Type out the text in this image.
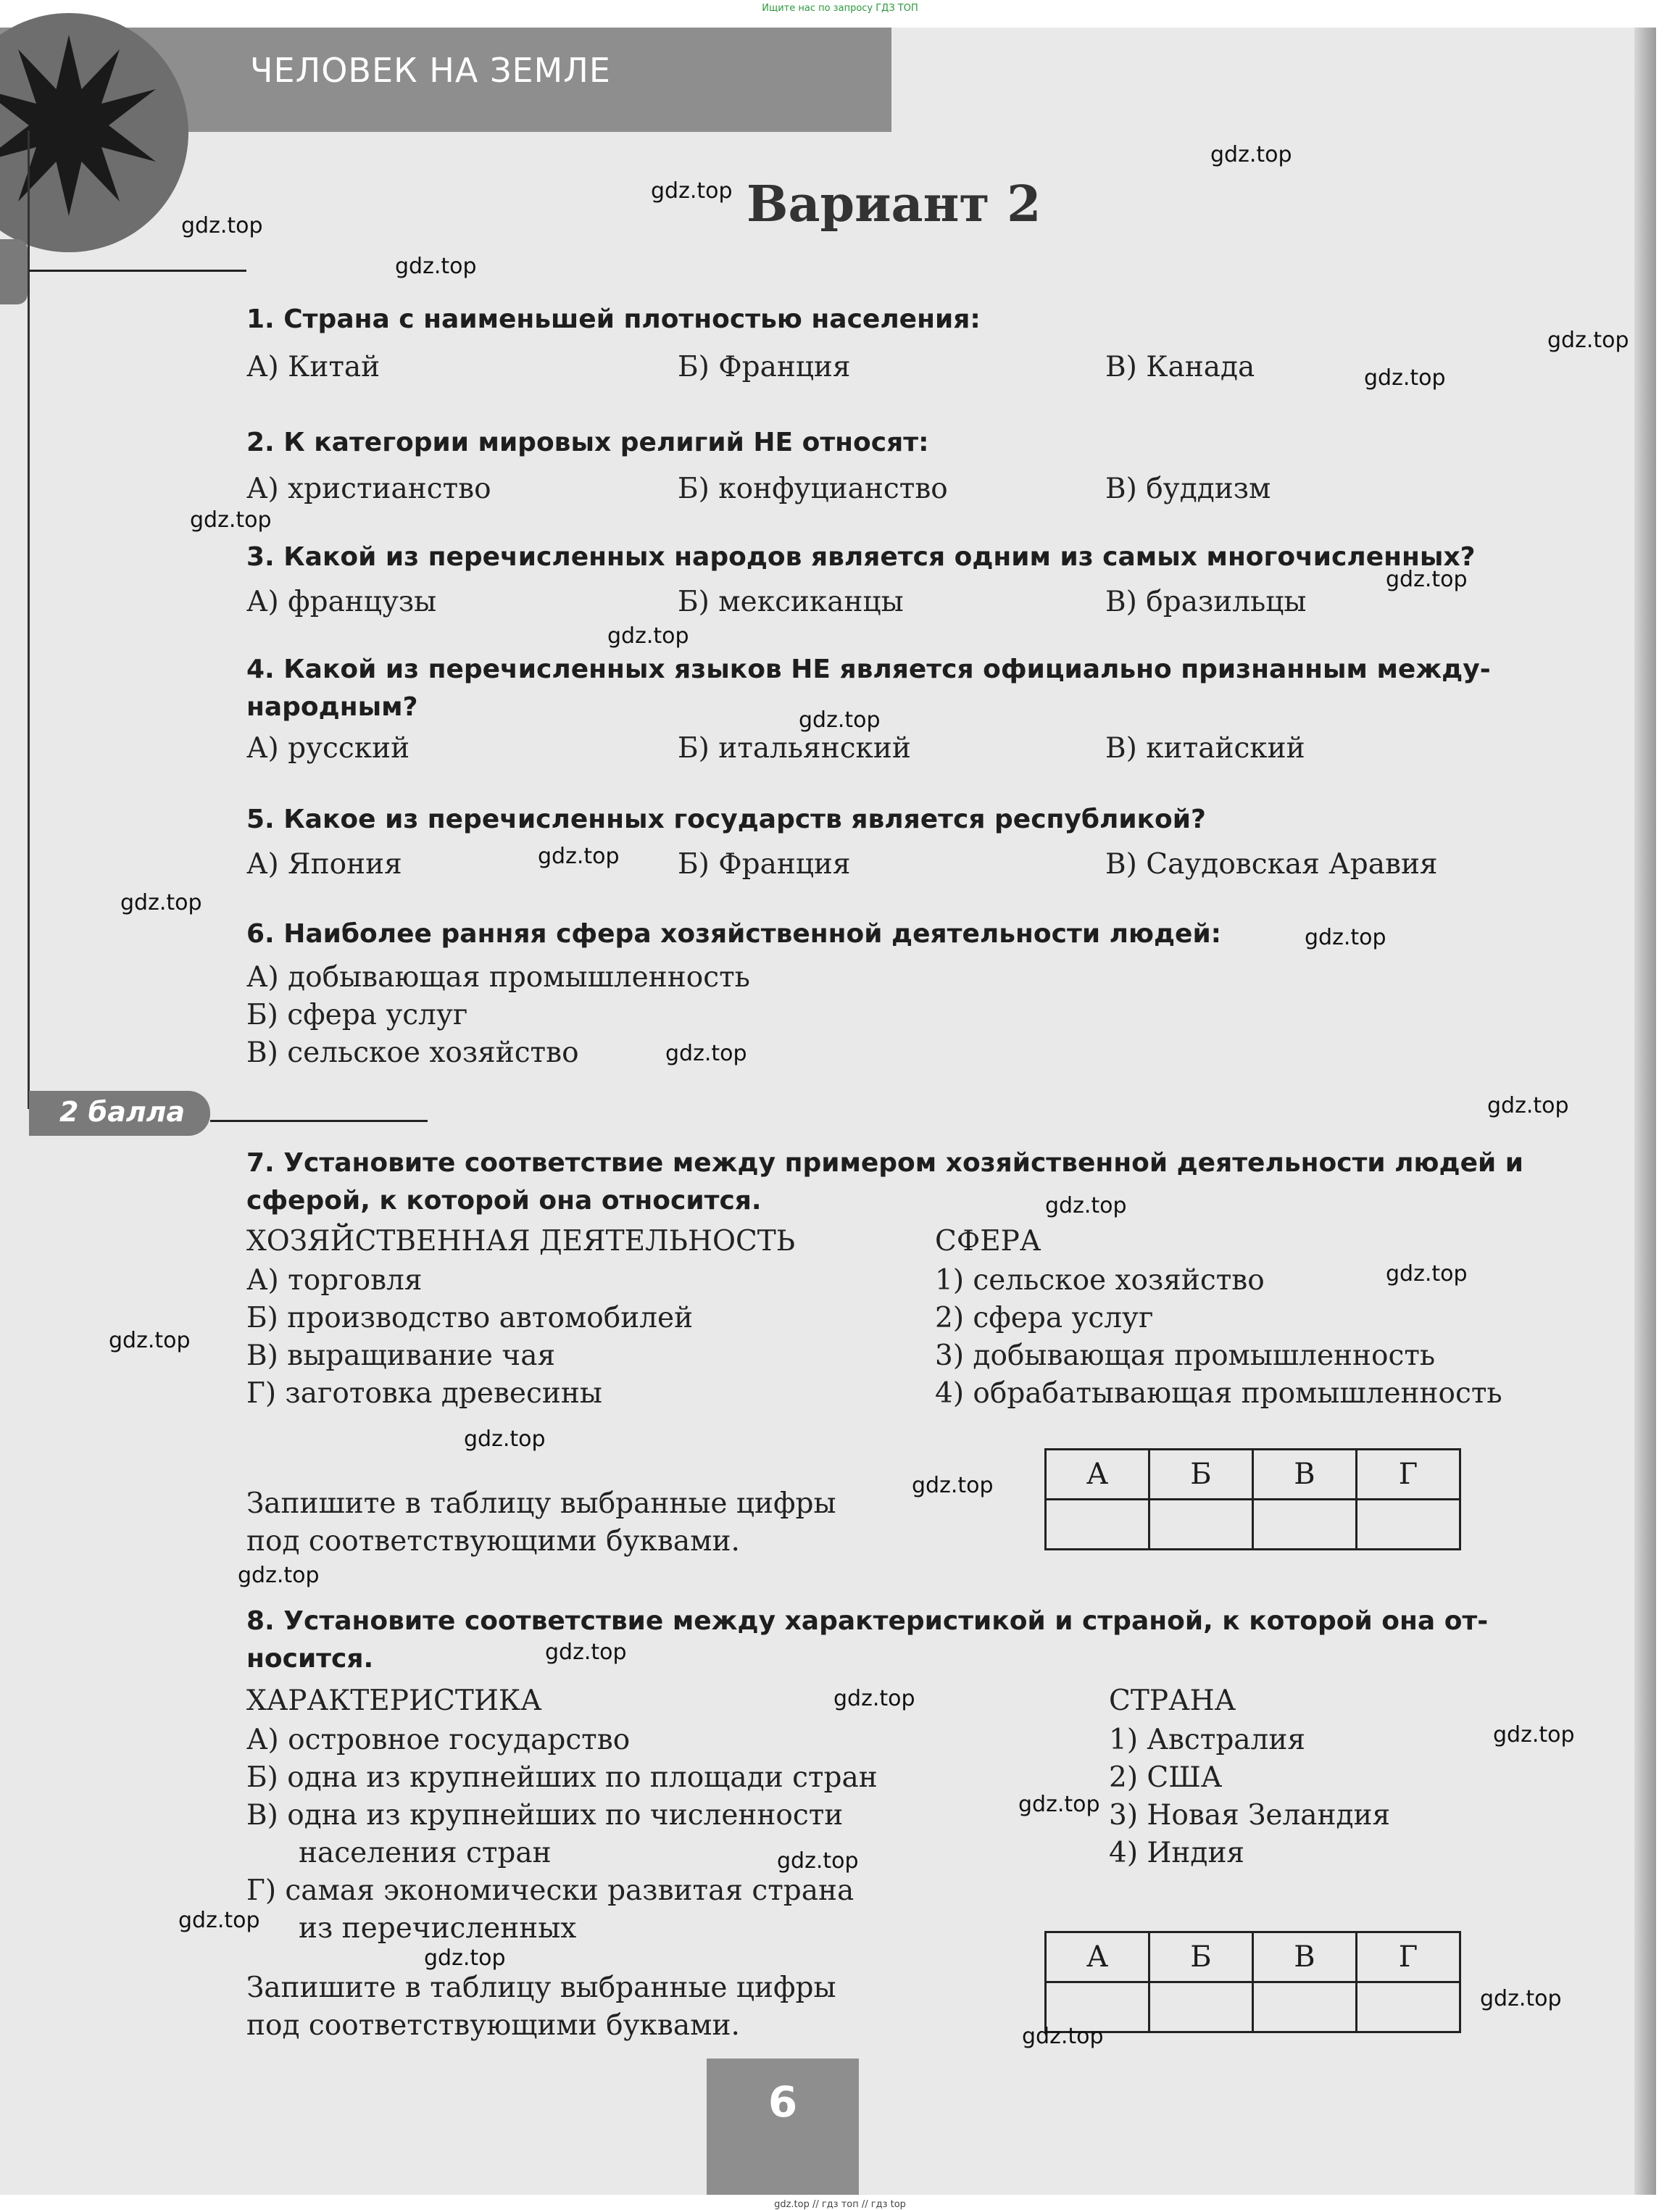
Ищите нас по запросу ГДЗ ТОП
ЧЕЛОВЕК НА ЗЕМЛЕ
Вариант 2
1. Страна с наименьшей плотностью населения:
А) Китай	Б) Франция	В) Канада
2. К категории мировых религий НЕ относят:
А) христианство	Б) конфуцианство	В) буддизм
3. Какой из перечисленных народов является одним из самых многочисленных?
А) французы	Б) мексиканцы	В) бразильцы
4. Какой из перечисленных языков НЕ является официально признанным между-
народным?
А) русский	Б) итальянский	В) китайский
5. Какое из перечисленных государств является республикой?
А) Япония	Б) Франция	В) Саудовская Аравия
6. Наиболее ранняя сфера хозяйственной деятельности людей:
А) добывающая промышленность
Б) сфера услуг
В) сельское хозяйство
2 балла
7. Установите соответствие между примером хозяйственной деятельности людей и
сферой, к которой она относится.
ХОЗЯЙСТВЕННАЯ ДЕЯТЕЛЬНОСТЬ
А) торговля
Б) производство автомобилей
В) выращивание чая
Г) заготовка древесины
СФЕРА
1) сельское хозяйство
2) сфера услуг
3) добывающая промышленность
4) обрабатывающая промышленность
Запишите в таблицу выбранные цифры
под соответствующими буквами.
А	Б	В	Г

8. Установите соответствие между характеристикой и страной, к которой она от-
носится.
ХАРАКТЕРИСТИКА
А) островное государство
Б) одна из крупнейших по площади стран
В) одна из крупнейших по численности
населения стран
Г) самая экономически развитая страна
из перечисленных
СТРАНА
1) Австралия
2) США
3) Новая Зеландия
4) Индия
Запишите в таблицу выбранные цифры
под соответствующими буквами.
А	Б	В	Г

gdz.top
gdz.top
gdz.top
gdz.top
gdz.top
gdz.top
gdz.top
gdz.top
gdz.top
gdz.top
gdz.top
gdz.top
gdz.top
gdz.top
gdz.top
gdz.top
gdz.top
gdz.top
gdz.top
gdz.top
gdz.top
gdz.top
gdz.top
gdz.top
gdz.top
gdz.top
gdz.top
gdz.top
gdz.top
gdz.top
6
gdz.top // гдз топ // гдз top
